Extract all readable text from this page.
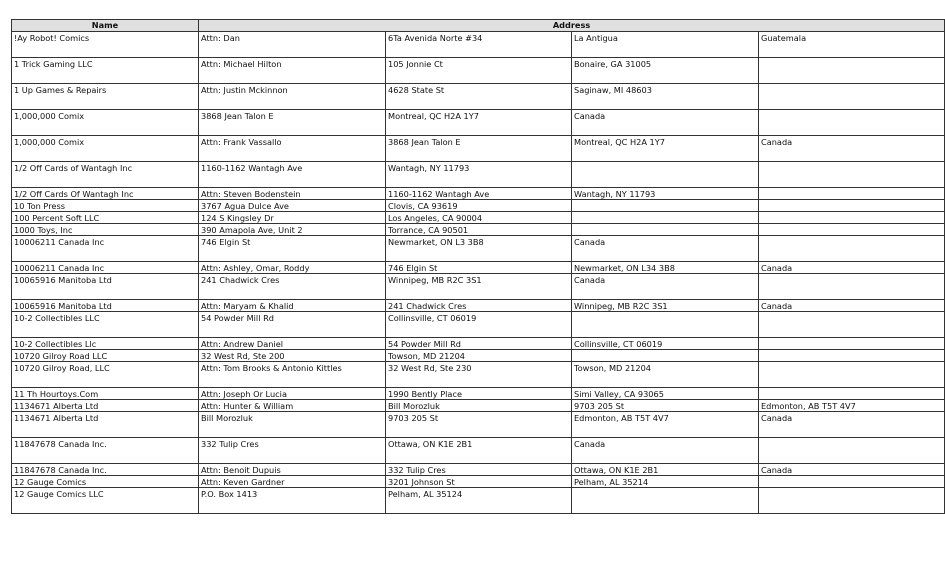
Name	Address			
!Ay Robot! Comics	Attn: Dan	6Ta Avenida Norte #34	La Antigua	Guatemala
1 Trick Gaming LLC	Attn: Michael Hilton	105 Jonnie Ct	Bonaire, GA 31005	
1 Up Games & Repairs	Attn: Justin Mckinnon	4628 State St	Saginaw, MI 48603	
1,000,000 Comix	3868 Jean Talon E	Montreal, QC H2A 1Y7	Canada	
1,000,000 Comix	Attn: Frank Vassallo	3868 Jean Talon E	Montreal, QC H2A 1Y7	Canada
1/2 Off Cards of Wantagh Inc	1160-1162 Wantagh Ave	Wantagh, NY 11793		
1/2 Off Cards Of Wantagh Inc	Attn: Steven Bodenstein	1160-1162 Wantagh Ave	Wantagh, NY 11793	
10 Ton Press	3767 Agua Dulce Ave	Clovis, CA 93619		
100 Percent Soft LLC	124 S Kingsley Dr	Los Angeles, CA 90004		
1000 Toys, Inc	390 Amapola Ave, Unit 2	Torrance, CA 90501		
10006211 Canada Inc	746 Elgin St	Newmarket, ON L3 3B8	Canada	
10006211 Canada Inc	Attn: Ashley, Omar, Roddy	746 Elgin St	Newmarket, ON L34 3B8	Canada
10065916 Manitoba Ltd	241 Chadwick Cres	Winnipeg, MB R2C 3S1	Canada	
10065916 Manitoba Ltd	Attn: Maryam & Khalid	241 Chadwick Cres	Winnipeg, MB R2C 3S1	Canada
10-2 Collectibles LLC	54 Powder Mill Rd	Collinsville, CT 06019		
10-2 Collectibles Llc	Attn: Andrew Daniel	54 Powder Mill Rd	Collinsville, CT 06019	
10720 Gilroy Road LLC	32 West Rd, Ste 200	Towson, MD 21204		
10720 Gilroy Road, LLC	Attn: Tom Brooks & Antonio Kittles	32 West Rd, Ste 230	Towson, MD 21204	
11 Th Hourtoys.Com	Attn: Joseph Or Lucia	1990 Bently Place	Simi Valley, CA 93065	
1134671 Alberta Ltd	Attn: Hunter & William	Bill Morozluk	9703 205 St	Edmonton, AB T5T 4V7
1134671 Alberta Ltd	Bill Morozluk	9703 205 St	Edmonton, AB T5T 4V7	Canada
11847678 Canada Inc.	332 Tulip Cres	Ottawa, ON K1E 2B1	Canada	
11847678 Canada Inc.	Attn: Benoit Dupuis	332 Tulip Cres	Ottawa, ON K1E 2B1	Canada
12 Gauge Comics	Attn: Keven Gardner	3201 Johnson St	Pelham, AL 35214	
12 Gauge Comics LLC	P.O. Box 1413	Pelham, AL 35124		
